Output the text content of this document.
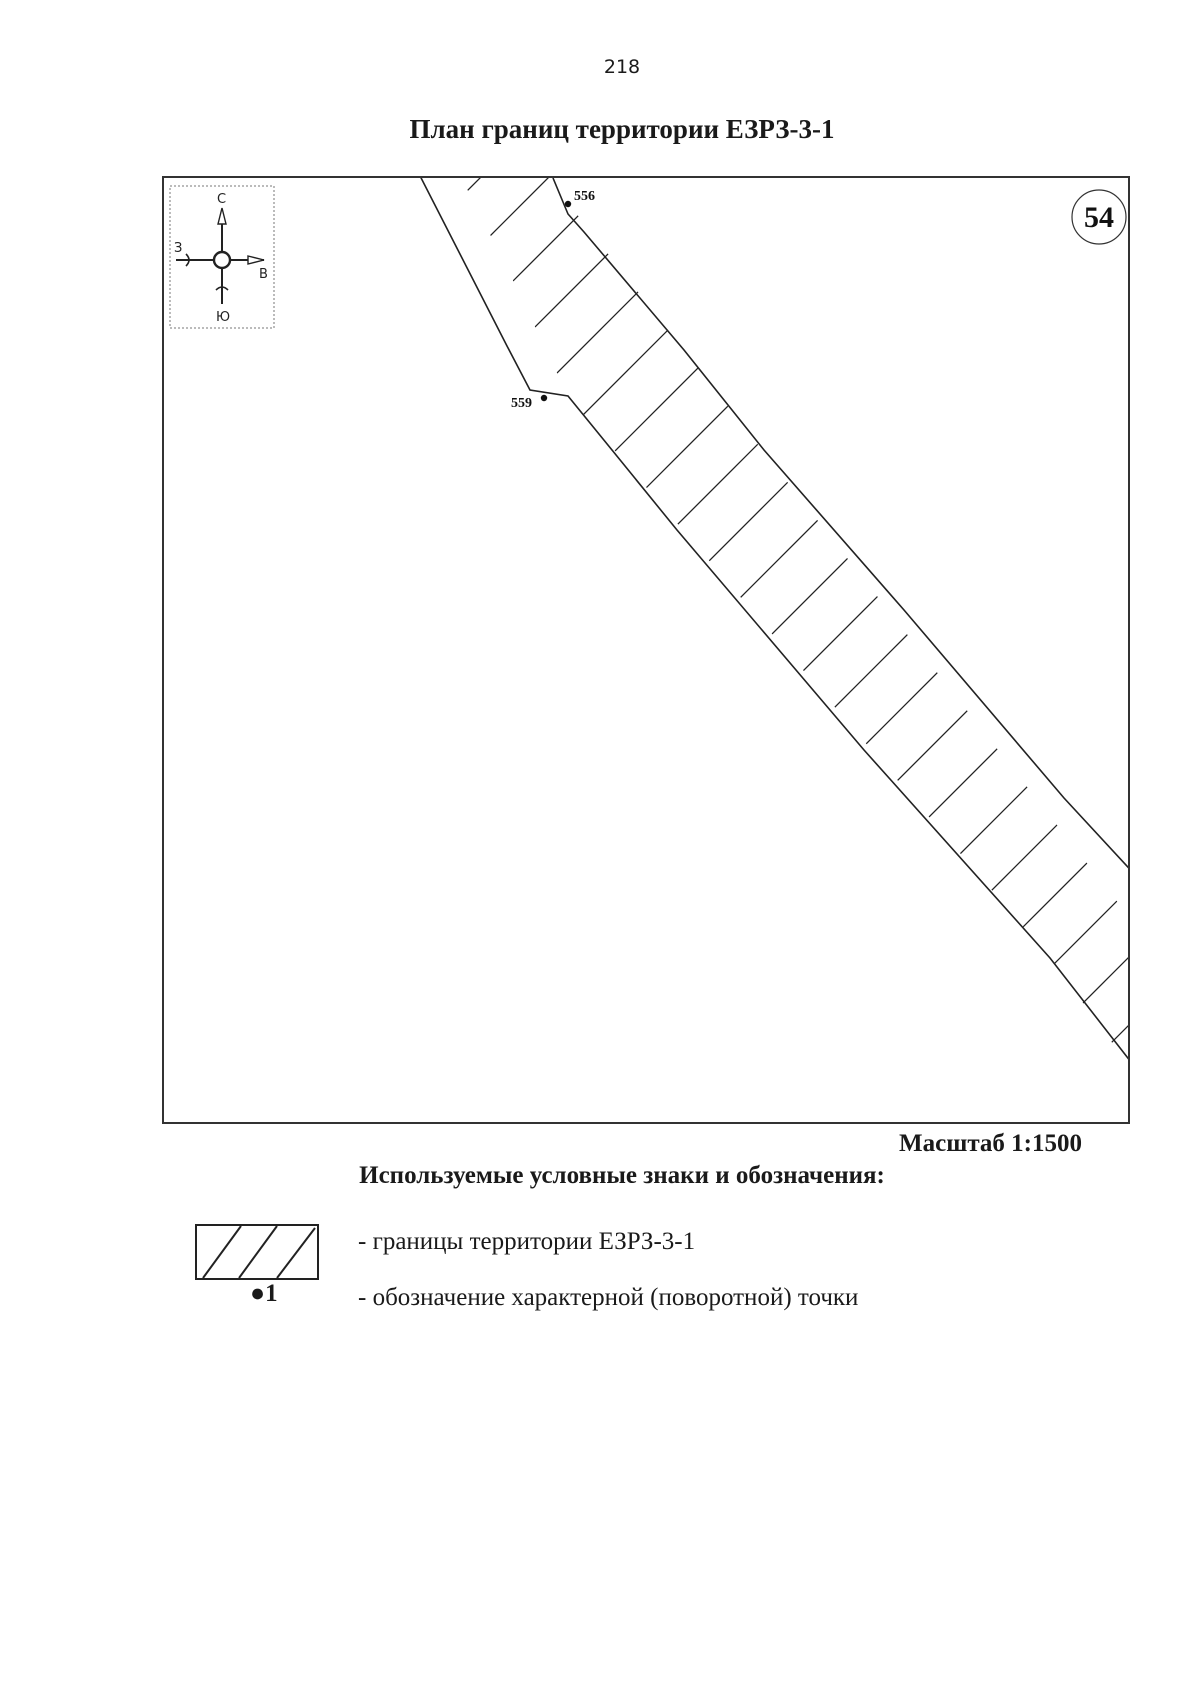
218
План границ территории ЕЗРЗ-3-1
556
559
54
С
З
В
Ю
Масштаб 1:1500
Используемые условные знаки и обозначения:
●1
- границы территории ЕЗРЗ-3-1
- обозначение характерной (поворотной) точки
